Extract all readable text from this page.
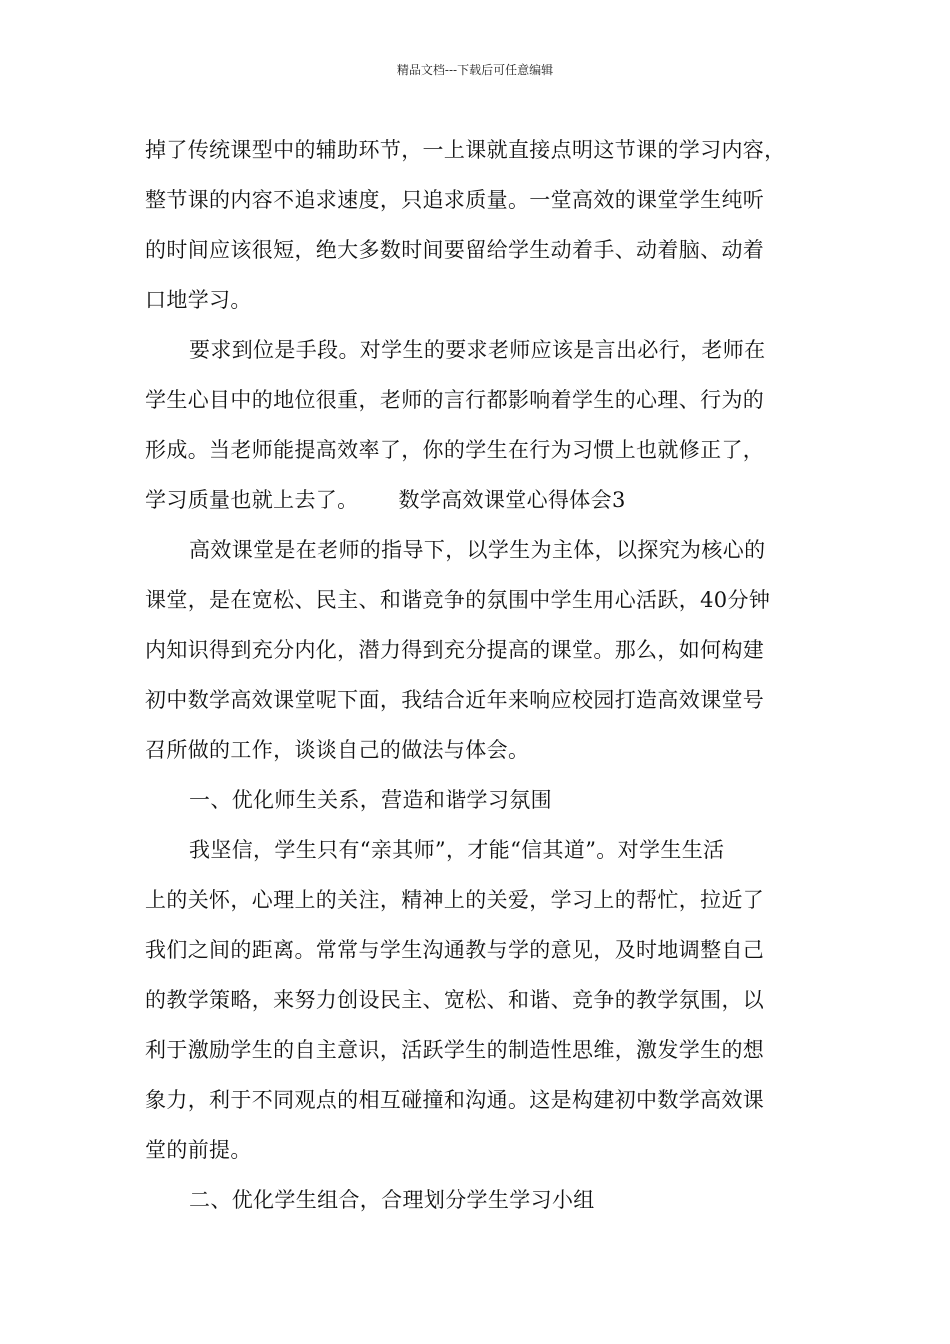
精品文档---下载后可任意编辑
掉了传统课型中的辅助环节，一上课就直接点明这节课的学习内容，
整节课的内容不追求速度，只追求质量。一堂高效的课堂学生纯听
的时间应该很短，绝大多数时间要留给学生动着手、动着脑、动着
口地学习。
要求到位是手段。对学生的要求老师应该是言出必行，老师在
学生心目中的地位很重，老师的言行都影响着学生的心理、行为的
形成。当老师能提高效率了，你的学生在行为习惯上也就修正了，
学习质量也就上去了。 数学高效课堂心得体会3
高效课堂是在老师的指导下，以学生为主体，以探究为核心的
课堂，是在宽松、民主、和谐竞争的氛围中学生用心活跃，40分钟
内知识得到充分内化，潜力得到充分提高的课堂。那么，如何构建
初中数学高效课堂呢下面，我结合近年来响应校园打造高效课堂号
召所做的工作，谈谈自己的做法与体会。
一、优化师生关系，营造和谐学习氛围
我坚信，学生只有“亲其师”，才能“信其道”。对学生生活
上的关怀，心理上的关注，精神上的关爱，学习上的帮忙，拉近了
我们之间的距离。常常与学生沟通教与学的意见，及时地调整自己
的教学策略，来努力创设民主、宽松、和谐、竞争的教学氛围，以
利于激励学生的自主意识，活跃学生的制造性思维，激发学生的想
象力，利于不同观点的相互碰撞和沟通。这是构建初中数学高效课
堂的前提。
二、优化学生组合，合理划分学生学习小组
